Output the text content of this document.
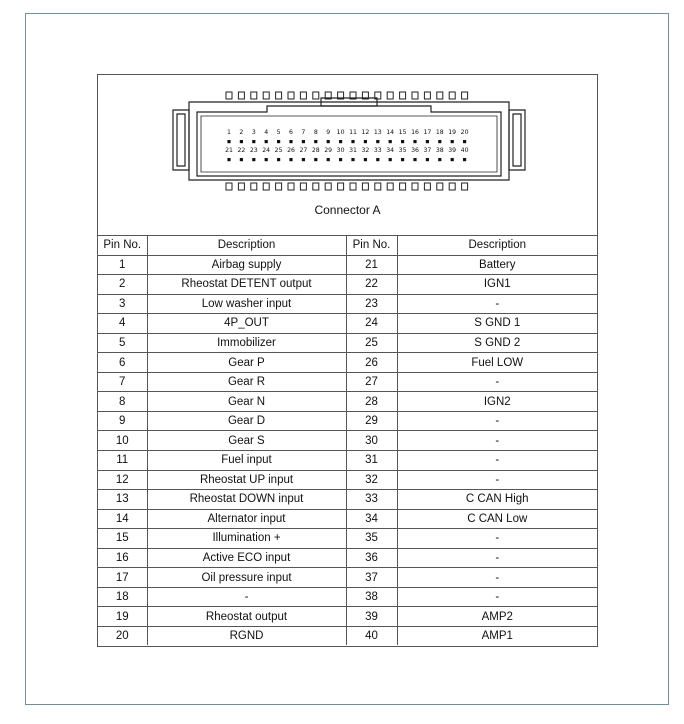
1 2 3 4 5 6 7 8 9 10 11 12 13 14 15 16 17 18 19 20
21 22 23 24 25 26 27 28 29 30 31 32 33 34 35 36 37 38 39 40
Connector A
Pin No.	Description	Pin No.	Description
1	Airbag supply	21	Battery
2	Rheostat DETENT output	22	IGN1
3	Low washer input	23	-
4	4P_OUT	24	S GND 1
5	Immobilizer	25	S GND 2
6	Gear P	26	Fuel LOW
7	Gear R	27	-
8	Gear N	28	IGN2
9	Gear D	29	-
10	Gear S	30	-
11	Fuel input	31	-
12	Rheostat UP input	32	-
13	Rheostat DOWN input	33	C CAN High
14	Alternator input	34	C CAN Low
15	Illumination +	35	-
16	Active ECO input	36	-
17	Oil pressure input	37	-
18	-	38	-
19	Rheostat output	39	AMP2
20	RGND	40	AMP1
